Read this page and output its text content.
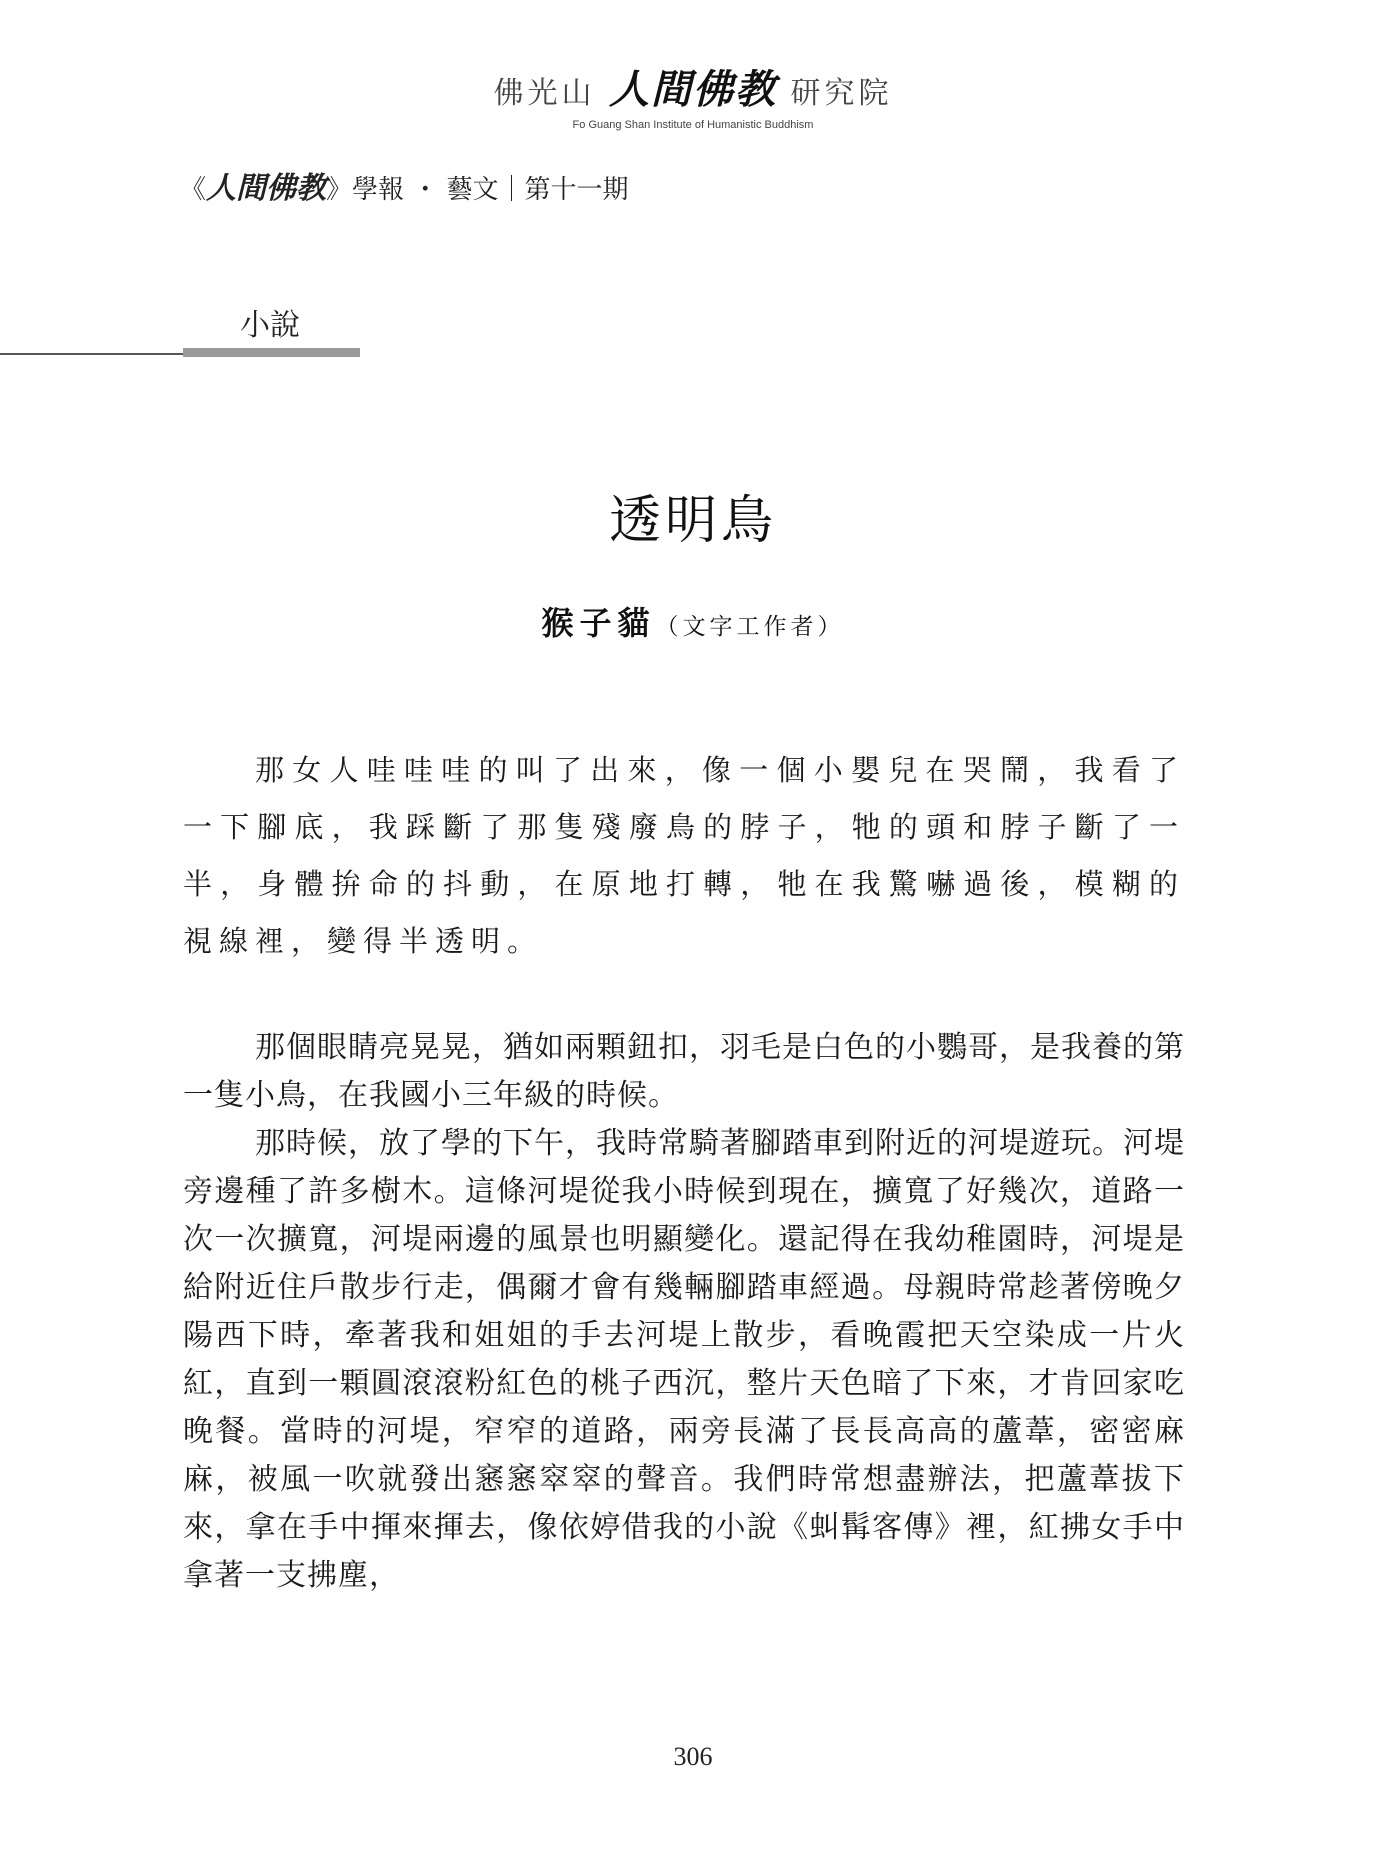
佛光山 人間佛教 研究院
Fo Guang Shan Institute of Humanistic Buddhism
《人間佛教》學報 ・ 藝文｜第十一期
小說
透明鳥
猴子貓（文字工作者）

那女人哇哇哇的叫了出來，像一個小嬰兒在哭鬧，我看了一下腳底，我踩斷了那隻殘廢鳥的脖子，牠的頭和脖子斷了一半，身體拚命的抖動，在原地打轉，牠在我驚嚇過後，模糊的視線裡，變得半透明。

那個眼睛亮晃晃，猶如兩顆鈕扣，羽毛是白色的小鸚哥，是我養的第一隻小鳥，在我國小三年級的時候。

那時候，放了學的下午，我時常騎著腳踏車到附近的河堤遊玩。河堤旁邊種了許多樹木。這條河堤從我小時候到現在，擴寬了好幾次，道路一次一次擴寬，河堤兩邊的風景也明顯變化。還記得在我幼稚園時，河堤是給附近住戶散步行走，偶爾才會有幾輛腳踏車經過。母親時常趁著傍晚夕陽西下時，牽著我和姐姐的手去河堤上散步，看晚霞把天空染成一片火紅，直到一顆圓滾滾粉紅色的桃子西沉，整片天色暗了下來，才肯回家吃晚餐。當時的河堤，窄窄的道路，兩旁長滿了長長高高的蘆葦，密密麻麻，被風一吹就發出窸窸窣窣的聲音。我們時常想盡辦法，把蘆葦拔下來，拿在手中揮來揮去，像依婷借我的小說《虯髯客傳》裡，紅拂女手中拿著一支拂塵，

306
